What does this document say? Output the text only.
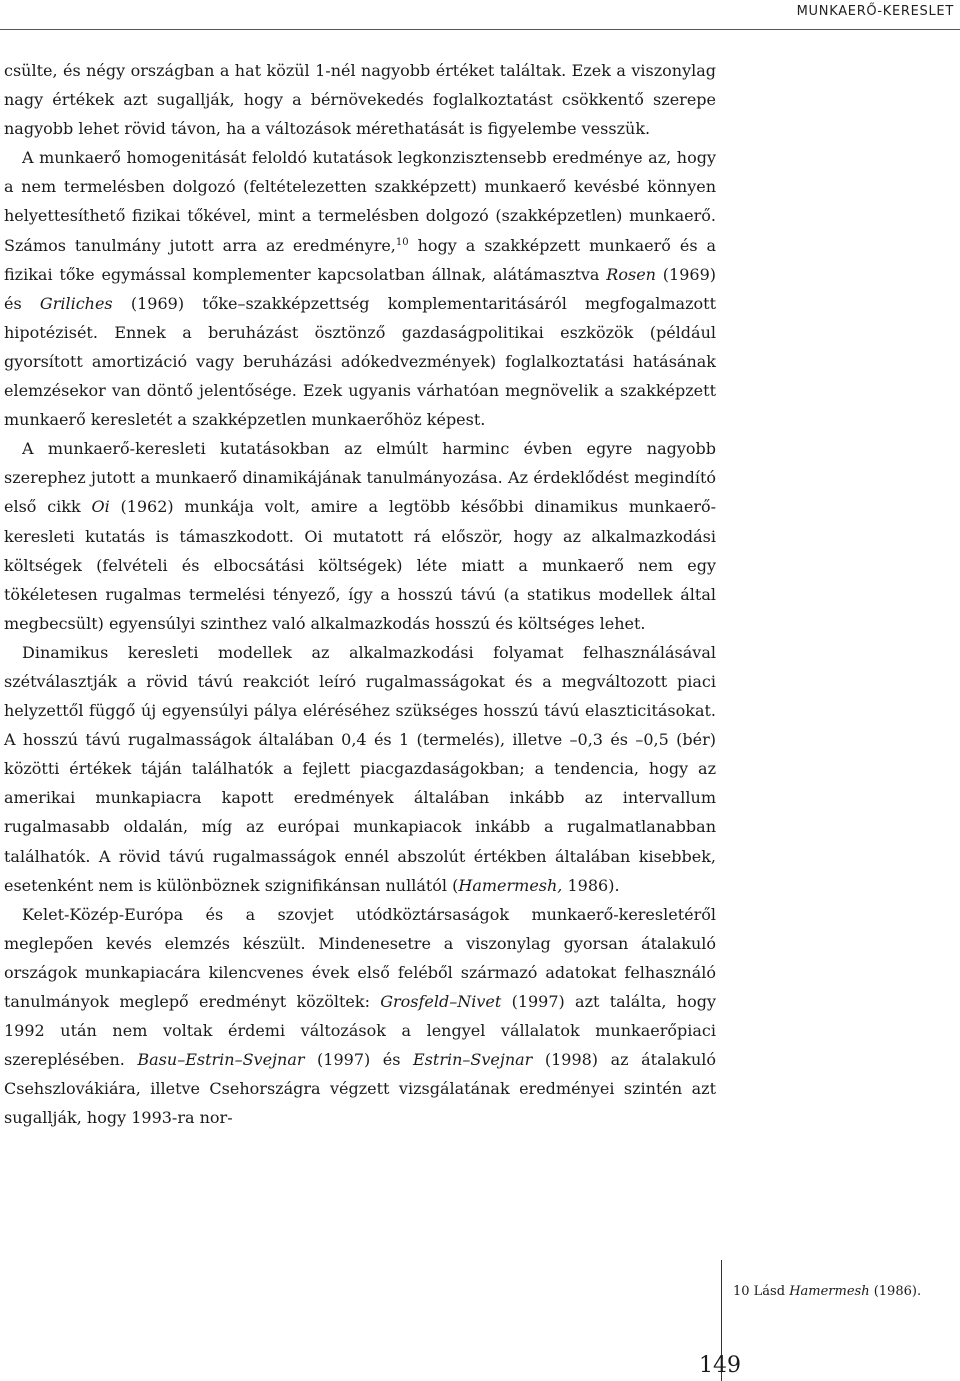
MUNKAERŐ-KERESLET

csülte, és négy országban a hat közül 1-nél nagyobb értéket találtak. Ezek a viszonylag nagy értékek azt sugallják, hogy a bérnövekedés foglalkoztatást csökkentő szerepe nagyobb lehet rövid távon, ha a változások mérethatását is figyelembe vesszük.

A munkaerő homogenitását feloldó kutatások legkonzisztensebb eredménye az, hogy a nem termelésben dolgozó (feltételezetten szakképzett) munkaerő kevésbé könnyen helyettesíthető fizikai tőkével, mint a termelésben dolgozó (szakképzetlen) munkaerő. Számos tanulmány jutott arra az eredményre,$^{10}$ hogy a szakképzett munkaerő és a fizikai tőke egymással komplementer kapcsolatban állnak, alátámasztva Rosen (1969) és Griliches (1969) tőke–szakképzettség komplementaritásáról megfogalmazott hipotézisét. Ennek a beruházást ösztönző gazdaságpolitikai eszközök (például gyorsított amortizáció vagy beruházási adókedvezmények) foglalkoztatási hatásának elemzésekor van döntő jelentősége. Ezek ugyanis várhatóan megnövelik a szakképzett munkaerő keresletét a szakképzetlen munkaerőhöz képest.

A munkaerő-keresleti kutatásokban az elmúlt harminc évben egyre nagyobb szerephez jutott a munkaerő dinamikájának tanulmányozása. Az érdeklődést megindító első cikk Oi (1962) munkája volt, amire a legtöbb későbbi dinamikus munkaerő-keresleti kutatás is támaszkodott. Oi mutatott rá először, hogy az alkalmazkodási költségek (felvételi és elbocsátási költségek) léte miatt a munkaerő nem egy tökéletesen rugalmas termelési tényező, így a hosszú távú (a statikus modellek által megbecsült) egyensúlyi szinthez való alkalmazkodás hosszú és költséges lehet.

Dinamikus keresleti modellek az alkalmazkodási folyamat felhasználásával szétválasztják a rövid távú reakciót leíró rugalmasságokat és a megváltozott piaci helyzettől függő új egyensúlyi pálya eléréséhez szükséges hosszú távú elaszticitásokat. A hosszú távú rugalmasságok általában 0,4 és 1 (termelés), illetve –0,3 és –0,5 (bér) közötti értékek táján találhatók a fejlett piacgazdaságokban; a tendencia, hogy az amerikai munkapiacra kapott eredmények általában inkább az intervallum rugalmasabb oldalán, míg az európai munkapiacok inkább a rugalmatlanabban találhatók. A rövid távú rugalmasságok ennél abszolút értékben általában kisebbek, esetenként nem is különböznek szignifikánsan nullától (Hamermesh, 1986).

Kelet-Közép-Európa és a szovjet utódköztársaságok munkaerő-keresletéről meglepően kevés elemzés készült. Mindenesetre a viszonylag gyorsan átalakuló országok munkapiacára kilencvenes évek első feléből származó adatokat felhasználó tanulmányok meglepő eredményt közöltek: Grosfeld–Nivet (1997) azt találta, hogy 1992 után nem voltak érdemi változások a lengyel vállalatok munkaerőpiaci szereplésében. Basu–Estrin–Svejnar (1997) és Estrin–Svejnar (1998) az átalakuló Csehszlovákiára, illetve Csehországra végzett vizsgálatának eredményei szintén azt sugallják, hogy 1993-ra nor-

10 Lásd Hamermesh (1986).
149
